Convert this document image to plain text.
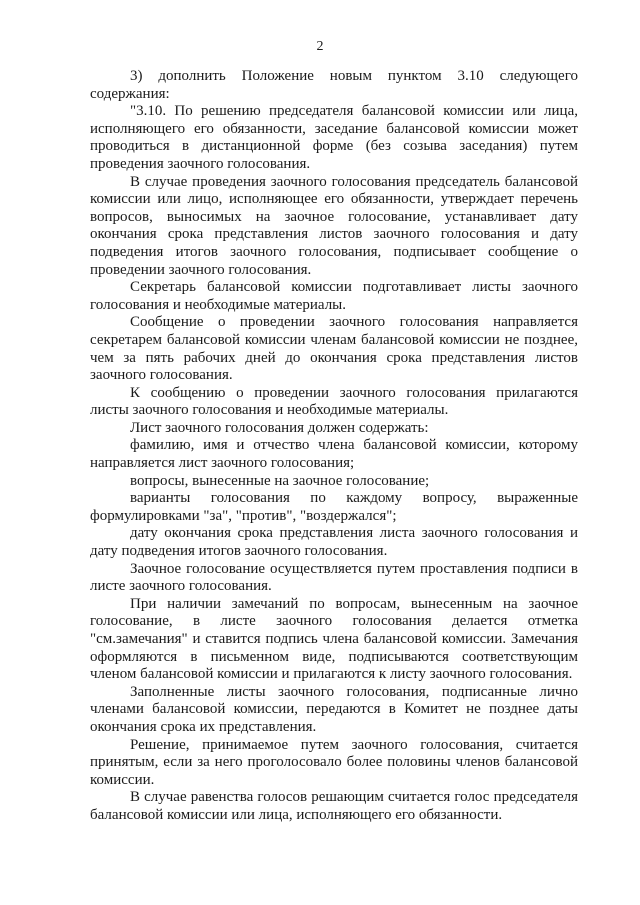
2

3) дополнить Положение новым пунктом 3.10 следующего содержания:

"3.10. По решению председателя балансовой комиссии или лица, исполняющего его обязанности, заседание балансовой комиссии может проводиться в дистанционной форме (без созыва заседания) путем проведения заочного голосования.

В случае проведения заочного голосования председатель балансовой комиссии или лицо, исполняющее его обязанности, утверждает перечень вопросов, выносимых на заочное голосование, устанавливает дату окончания срока представления листов заочного голосования и дату подведения итогов заочного голосования, подписывает сообщение о проведении заочного голосования.

Секретарь балансовой комиссии подготавливает листы заочного голосования и необходимые материалы.

Сообщение о проведении заочного голосования направляется секретарем балансовой комиссии членам балансовой комиссии не позднее, чем за пять рабочих дней до окончания срока представления листов заочного голосования.

К сообщению о проведении заочного голосования прилагаются листы заочного голосования и необходимые материалы.

Лист заочного голосования должен содержать:

фамилию, имя и отчество члена балансовой комиссии, которому направляется лист заочного голосования;

вопросы, вынесенные на заочное голосование;

варианты голосования по каждому вопросу, выраженные формулировками "за", "против", "воздержался";

дату окончания срока представления листа заочного голосования и дату подведения итогов заочного голосования.

Заочное голосование осуществляется путем проставления подписи в листе заочного голосования.

При наличии замечаний по вопросам, вынесенным на заочное голосование, в листе заочного голосования делается отметка "см.замечания" и ставится подпись члена балансовой комиссии. Замечания оформляются в письменном виде, подписываются соответствующим членом балансовой комиссии и прилагаются к листу заочного голосования.

Заполненные листы заочного голосования, подписанные лично членами балансовой комиссии, передаются в Комитет не позднее даты окончания срока их представления.

Решение, принимаемое путем заочного голосования, считается принятым, если за него проголосовало более половины членов балансовой комиссии.

В случае равенства голосов решающим считается голос председателя балансовой комиссии или лица, исполняющего его обязанности.
